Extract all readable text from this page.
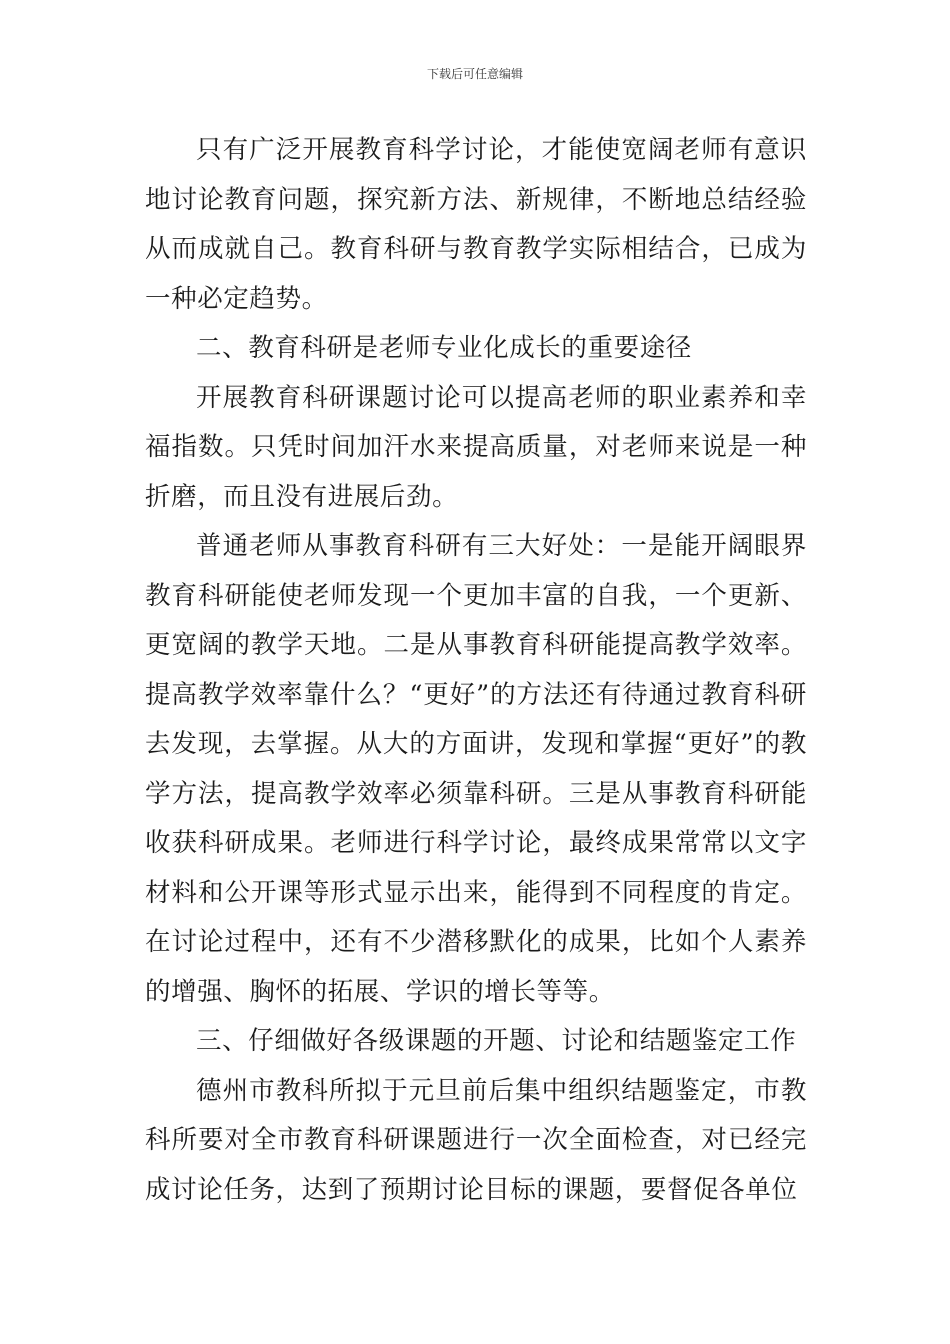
下载后可任意编辑

只有广泛开展教育科学讨论，才能使宽阔老师有意识地讨论教育问题，探究新方法、新规律，不断地总结经验从而成就自己。教育科研与教育教学实际相结合，已成为一种必定趋势。

二、教育科研是老师专业化成长的重要途径

开展教育科研课题讨论可以提高老师的职业素养和幸福指数。只凭时间加汗水来提高质量，对老师来说是一种折磨，而且没有进展后劲。

普通老师从事教育科研有三大好处：一是能开阔眼界教育科研能使老师发现一个更加丰富的自我，一个更新、更宽阔的教学天地。二是从事教育科研能提高教学效率。提高教学效率靠什么？“更好”的方法还有待通过教育科研去发现，去掌握。从大的方面讲，发现和掌握“更好”的教学方法，提高教学效率必须靠科研。三是从事教育科研能收获科研成果。老师进行科学讨论，最终成果常常以文字材料和公开课等形式显示出来，能得到不同程度的肯定。在讨论过程中，还有不少潜移默化的成果，比如个人素养的增强、胸怀的拓展、学识的增长等等。

三、仔细做好各级课题的开题、讨论和结题鉴定工作

德州市教科所拟于元旦前后集中组织结题鉴定，市教科所要对全市教育科研课题进行一次全面检查，对已经完成讨论任务，达到了预期讨论目标的课题，要督促各单位
